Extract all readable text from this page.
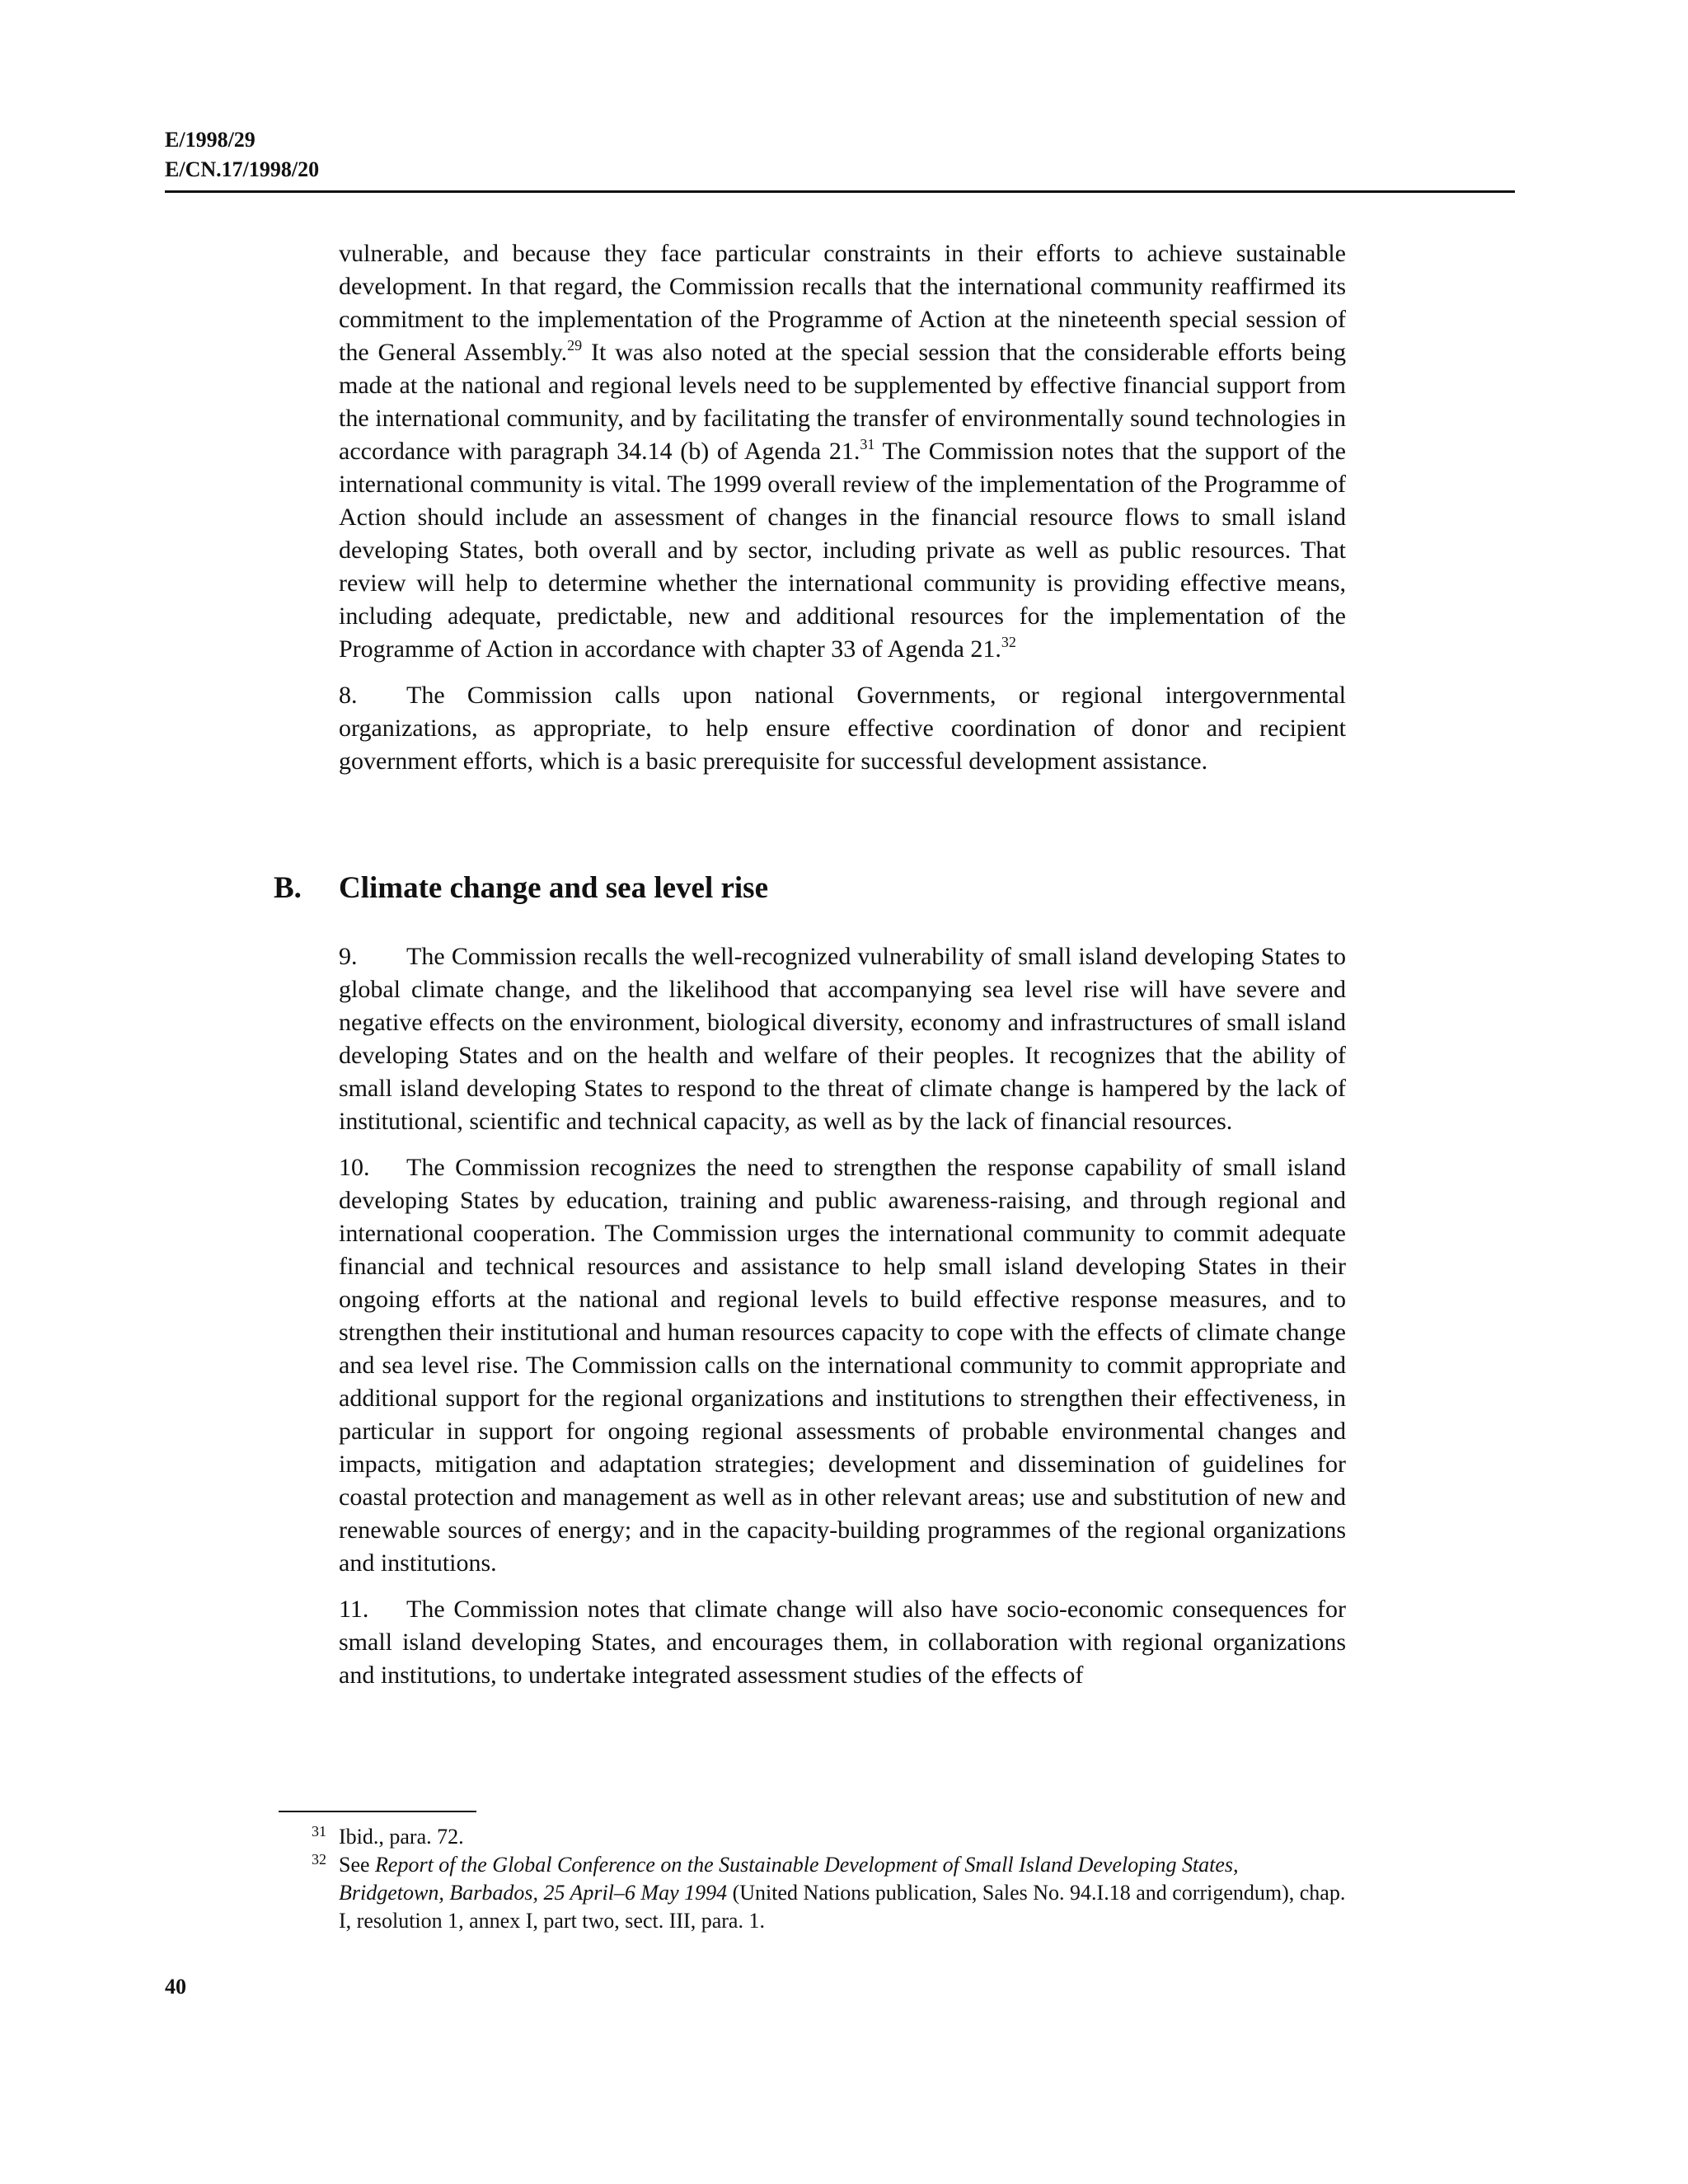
E/1998/29
E/CN.17/1998/20

vulnerable, and because they face particular constraints in their efforts to achieve sustainable development. In that regard, the Commission recalls that the international community reaffirmed its commitment to the implementation of the Programme of Action at the nineteenth special session of the General Assembly.$^{29}$ It was also noted at the special session that the considerable efforts being made at the national and regional levels need to be supplemented by effective financial support from the international community, and by facilitating the transfer of environmentally sound technologies in accordance with paragraph 34.14 (b) of Agenda 21.31 The Commission notes that the support of the international community is vital. The 1999 overall review of the implementation of the Programme of Action should include an assessment of changes in the financial resource flows to small island developing States, both overall and by sector, including private as well as public resources. That review will help to determine whether the international community is providing effective means, including adequate, predictable, new and additional resources for the implementation of the Programme of Action in accordance with chapter 33 of Agenda 21.32

8. The Commission calls upon national Governments, or regional intergovernmental organizations, as appropriate, to help ensure effective coordination of donor and recipient government efforts, which is a basic prerequisite for successful development assistance.

B. Climate change and sea level rise

9. The Commission recalls the well-recognized vulnerability of small island developing States to global climate change, and the likelihood that accompanying sea level rise will have severe and negative effects on the environment, biological diversity, economy and infrastructures of small island developing States and on the health and welfare of their peoples. It recognizes that the ability of small island developing States to respond to the threat of climate change is hampered by the lack of institutional, scientific and technical capacity, as well as by the lack of financial resources.

10. The Commission recognizes the need to strengthen the response capability of small island developing States by education, training and public awareness-raising, and through regional and international cooperation. The Commission urges the international community to commit adequate financial and technical resources and assistance to help small island developing States in their ongoing efforts at the national and regional levels to build effective response measures, and to strengthen their institutional and human resources capacity to cope with the effects of climate change and sea level rise. The Commission calls on the international community to commit appropriate and additional support for the regional organizations and institutions to strengthen their effectiveness, in particular in support for ongoing regional assessments of probable environmental changes and impacts, mitigation and adaptation strategies; development and dissemination of guidelines for coastal protection and management as well as in other relevant areas; use and substitution of new and renewable sources of energy; and in the capacity-building programmes of the regional organizations and institutions.

11. The Commission notes that climate change will also have socio-economic consequences for small island developing States, and encourages them, in collaboration with regional organizations and institutions, to undertake integrated assessment studies of the effects of

31 Ibid., para. 72.

32 See Report of the Global Conference on the Sustainable Development of Small Island Developing States, Bridgetown, Barbados, 25 April–6 May 1994 (United Nations publication, Sales No. 94.I.18 and corrigendum), chap. I, resolution 1, annex I, part two, sect. III, para. 1.

40
